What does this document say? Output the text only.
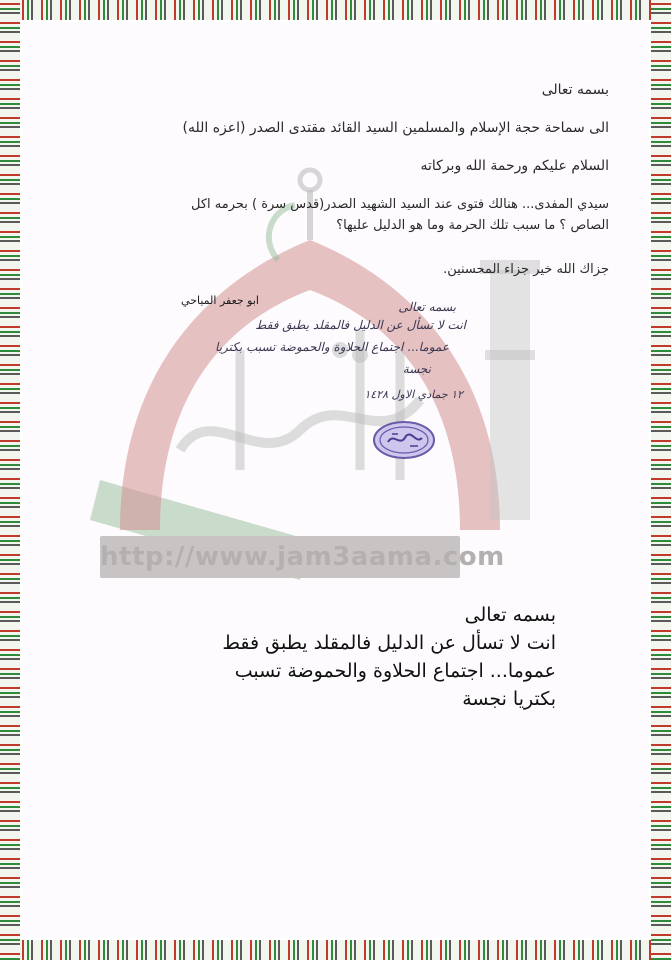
http://www.jam3aama.com
بسمه تعالى
الى سماحة حجة الإسلام والمسلمين السيد القائد مقتدى الصدر (اعزه الله)
السلام عليكم ورحمة الله وبركاته
سيدي المفدى... هنالك فتوى عند السيد الشهيد الصدر(قدس سرة ) بحرمه اكل
الصاص ؟ ما سبب تلك الحرمة وما هو الدليل عليها؟
جزاك الله خير جزاء المحسنين.
ابو جعفر المياحي	بسمه تعالى
انت لا تسأل عن الدليل فالمقلد يطبق فقط
عموما... اجتماع الحلاوة والحموضة تسبب بكتريا
نجسة
١٢ جمادي الاول ١٤٢٨
بسمه تعالى
انت لا تسأل عن الدليل فالمقلد يطبق فقط
عموما... اجتماع الحلاوة والحموضة تسبب
بكتريا نجسة
